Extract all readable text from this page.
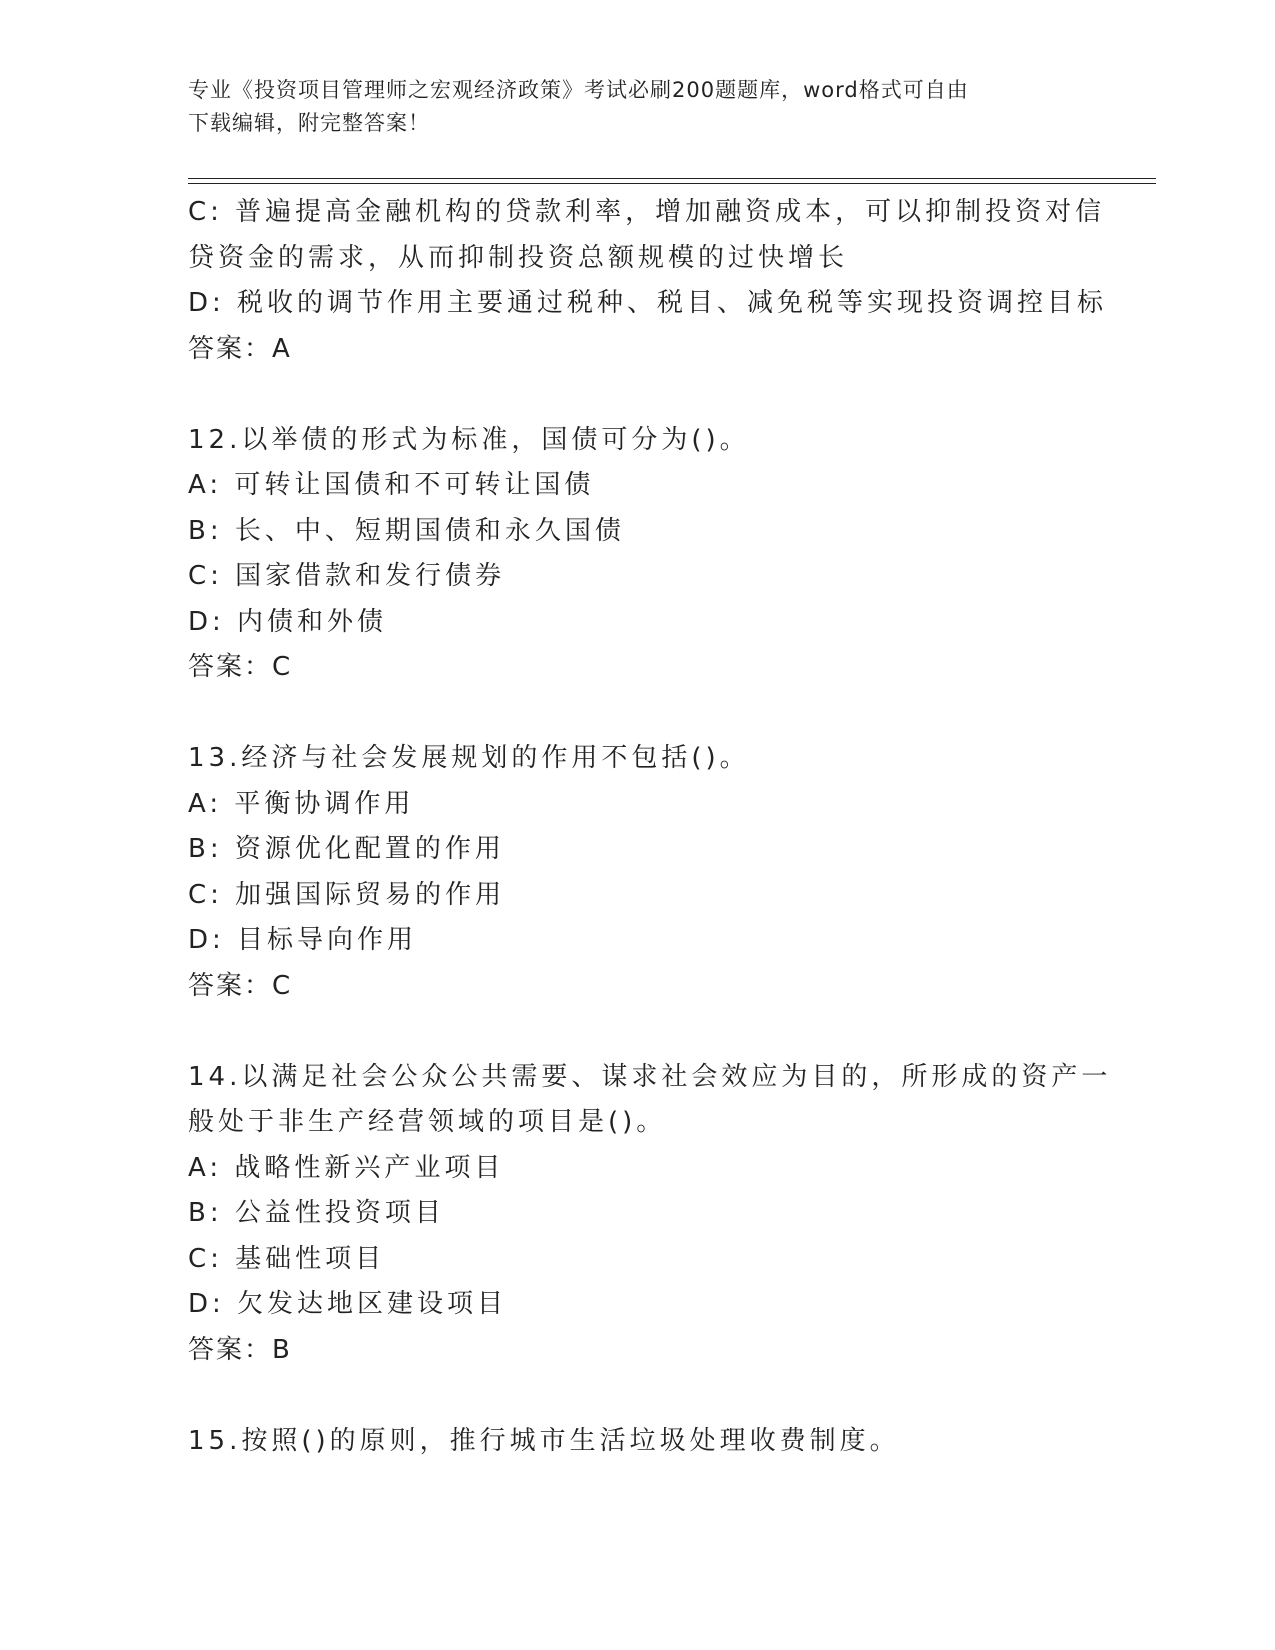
专业《投资项目管理师之宏观经济政策》考试必刷200题题库，word格式可自由
下载编辑，附完整答案！
C: 普遍提高金融机构的贷款利率，增加融资成本，可以抑制投资对信
贷资金的需求，从而抑制投资总额规模的过快增长
D: 税收的调节作用主要通过税种、税目、减免税等实现投资调控目标
答案：A
12.以举债的形式为标准，国债可分为()。
A: 可转让国债和不可转让国债
B: 长、中、短期国债和永久国债
C: 国家借款和发行债券
D: 内债和外债
答案：C
13.经济与社会发展规划的作用不包括()。
A: 平衡协调作用
B: 资源优化配置的作用
C: 加强国际贸易的作用
D: 目标导向作用
答案：C
14.以满足社会公众公共需要、谋求社会效应为目的，所形成的资产一
般处于非生产经营领域的项目是()。
A: 战略性新兴产业项目
B: 公益性投资项目
C: 基础性项目
D: 欠发达地区建设项目
答案：B
15.按照()的原则，推行城市生活垃圾处理收费制度。
